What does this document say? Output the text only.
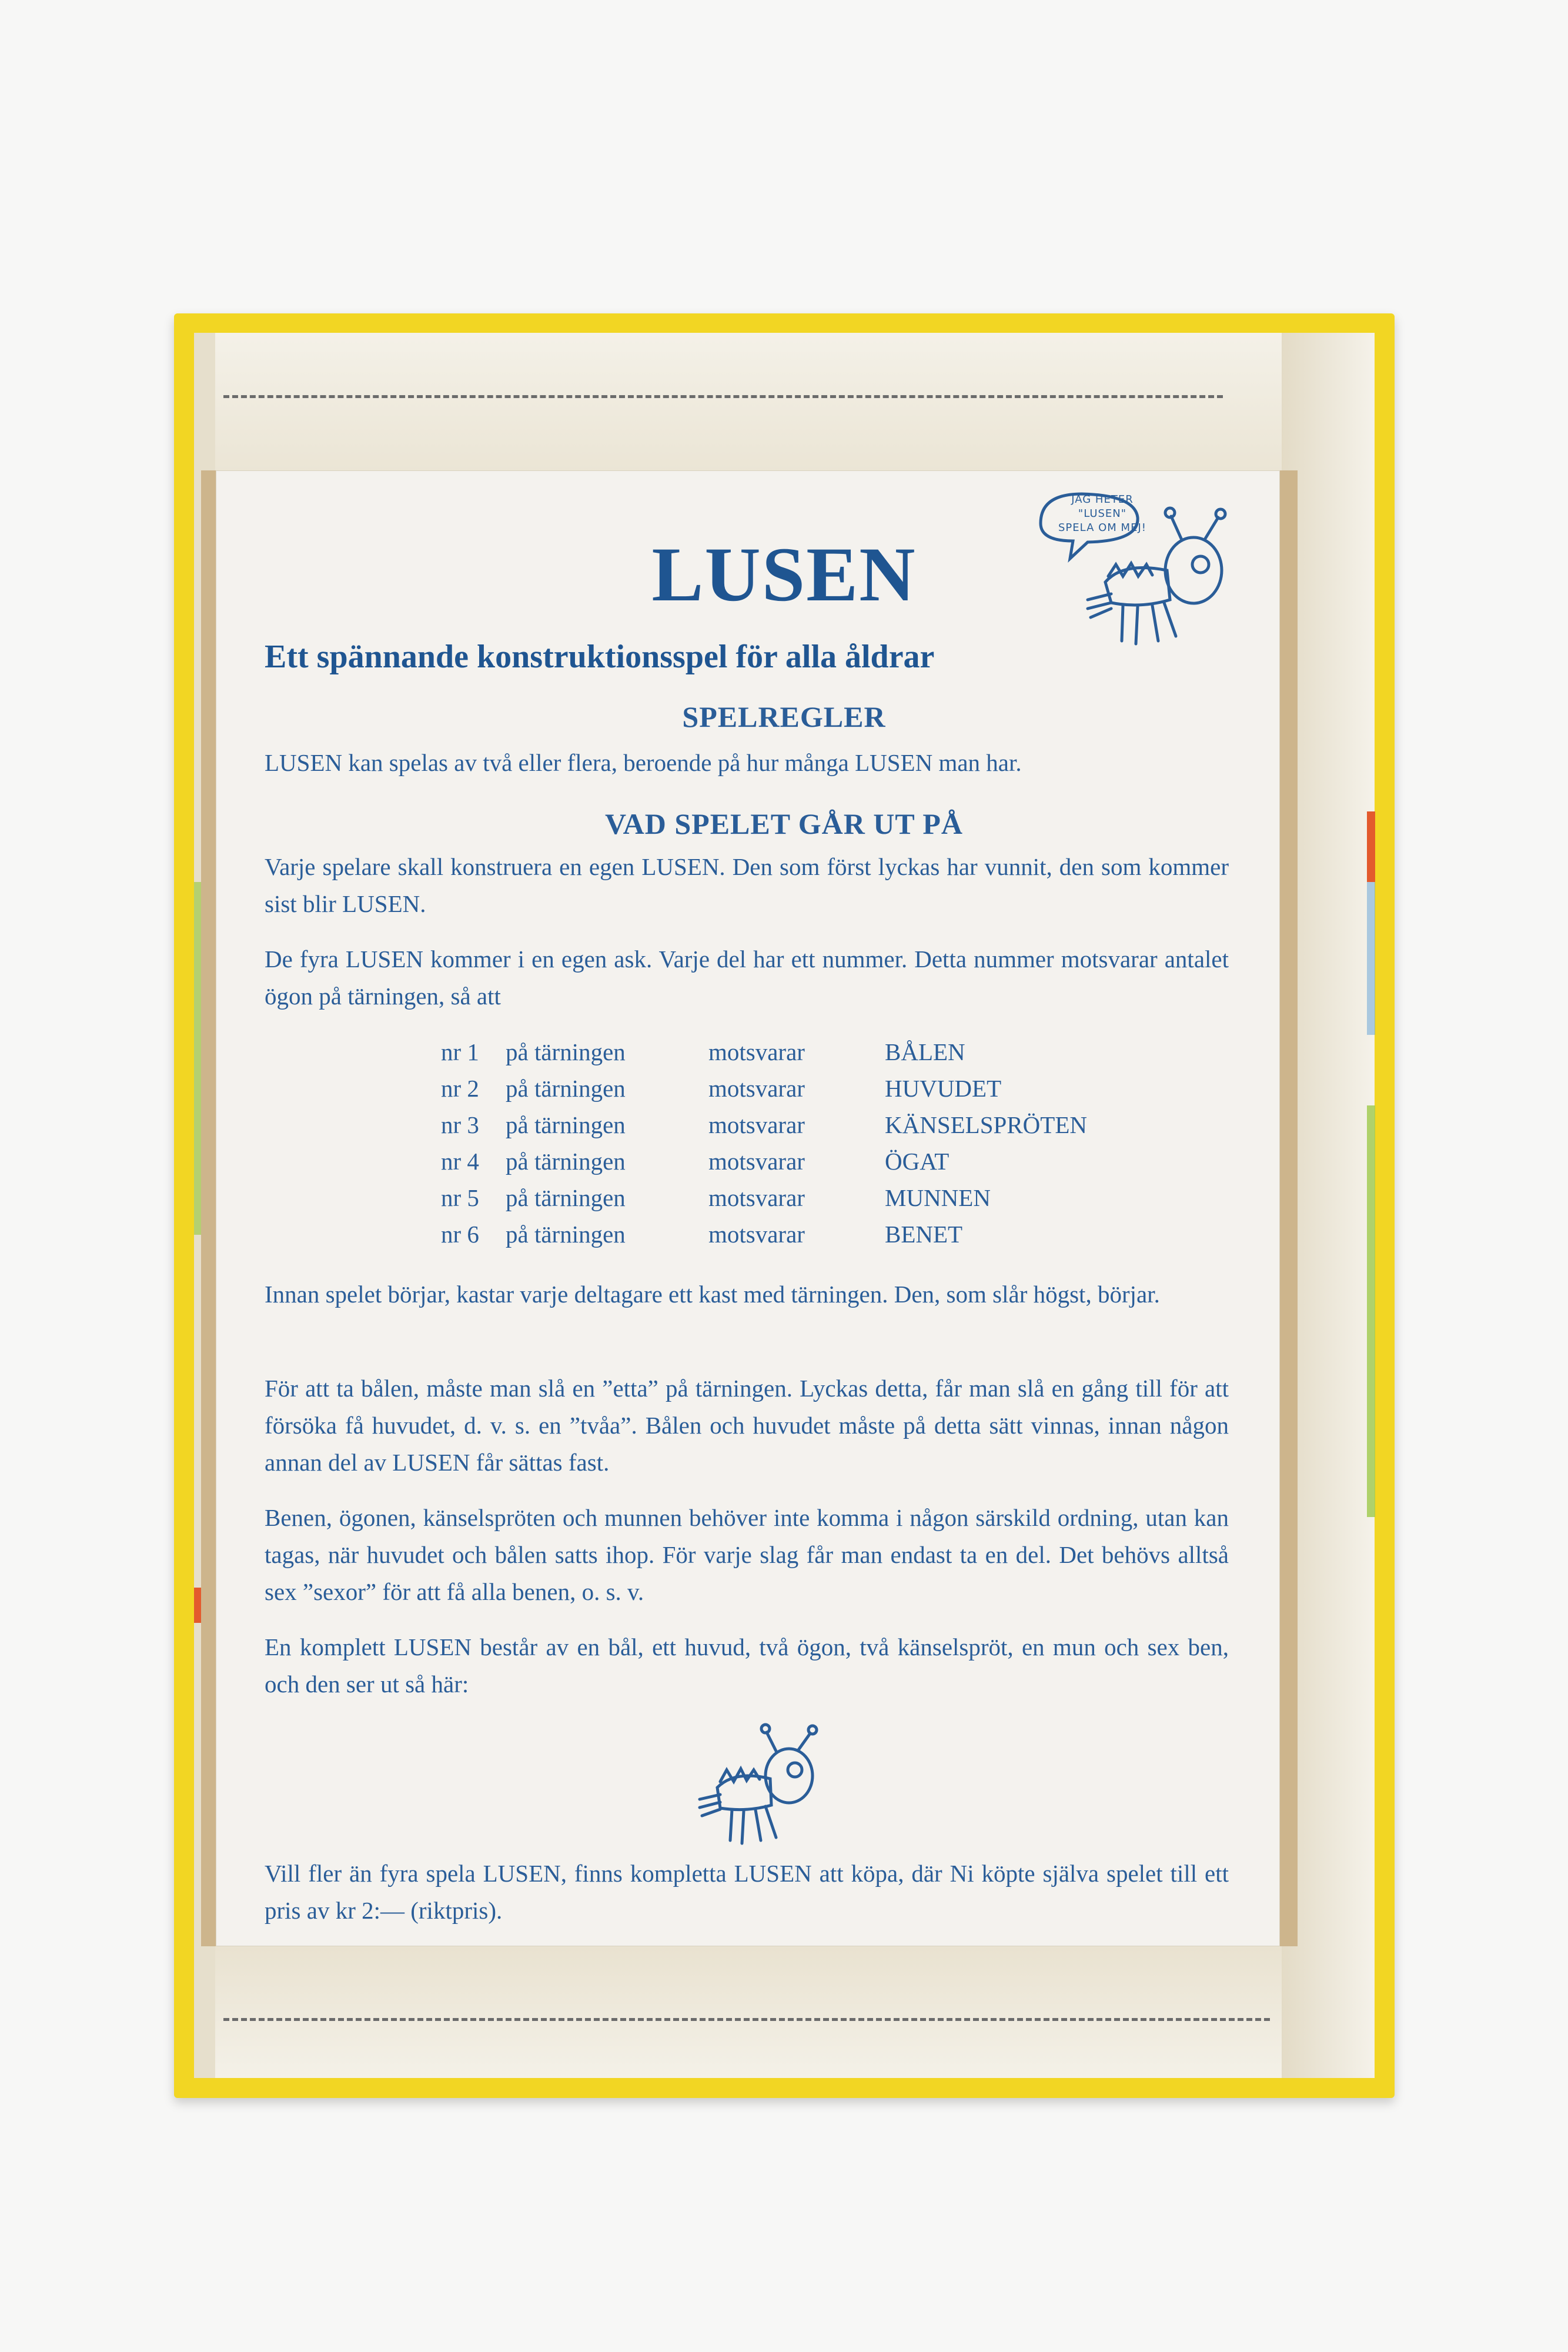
LUSEN
JAG HETER
"LUSEN"
SPELA OM MEJ!
Ett spännande konstruktionsspel för alla åldrar
SPELREGLER
LUSEN kan spelas av två eller flera, beroende på hur många LUSEN man har.
VAD SPELET GÅR UT PÅ
Varje spelare skall konstruera en egen LUSEN. Den som först lyckas har vunnit, den som kommer sist blir LUSEN.
De fyra LUSEN kommer i en egen ask. Varje del har ett nummer. Detta nummer motsvarar antalet ögon på tärningen, så att
nr 1 på tärningen	motsvarar	BÅLEN
nr 2 på tärningen	motsvarar	HUVUDET
nr 3 på tärningen	motsvarar	KÄNSELSPRÖTEN
nr 4 på tärningen	motsvarar	ÖGAT
nr 5 på tärningen	motsvarar	MUNNEN
nr 6 på tärningen	motsvarar	BENET
Innan spelet börjar, kastar varje deltagare ett kast med tärningen. Den, som slår högst, börjar.
För att ta bålen, måste man slå en ”etta” på tärningen. Lyckas detta, får man slå en gång till för att försöka få huvudet, d. v. s. en ”tvåa”. Bålen och huvudet måste på detta sätt vinnas, innan någon annan del av LUSEN får sättas fast.
Benen, ögonen, känselspröten och munnen behöver inte komma i någon särskild ordning, utan kan tagas, när huvudet och bålen satts ihop. För varje slag får man endast ta en del. Det behövs alltså sex ”sexor” för att få alla benen, o. s. v.
En komplett LUSEN består av en bål, ett huvud, två ögon, två känselspröt, en mun och sex ben, och den ser ut så här:
Vill fler än fyra spela LUSEN, finns kompletta LUSEN att köpa, där Ni köpte själva spelet till ett pris av kr 2:— (riktpris).
